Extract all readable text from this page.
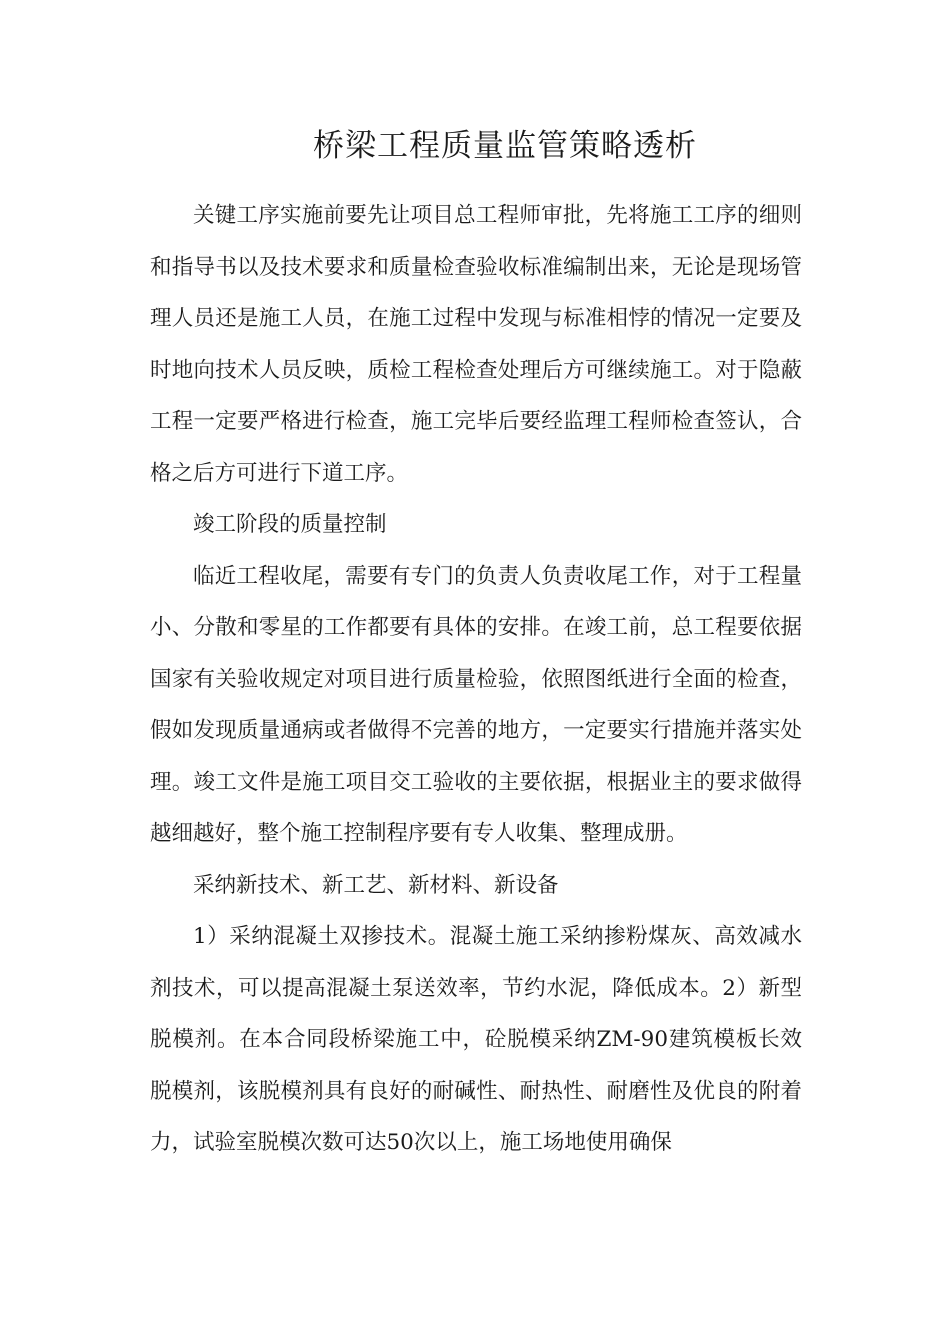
桥梁工程质量监管策略透析

关键工序实施前要先让项目总工程师审批，先将施工工序的细则和指导书以及技术要求和质量检查验收标准编制出来，无论是现场管理人员还是施工人员，在施工过程中发现与标准相悖的情况一定要及时地向技术人员反映，质检工程检查处理后方可继续施工。对于隐蔽工程一定要严格进行检查，施工完毕后要经监理工程师检查签认，合格之后方可进行下道工序。

竣工阶段的质量控制

临近工程收尾，需要有专门的负责人负责收尾工作，对于工程量小、分散和零星的工作都要有具体的安排。在竣工前，总工程要依据国家有关验收规定对项目进行质量检验，依照图纸进行全面的检查，假如发现质量通病或者做得不完善的地方，一定要实行措施并落实处理。竣工文件是施工项目交工验收的主要依据，根据业主的要求做得越细越好，整个施工控制程序要有专人收集、整理成册。

采纳新技术、新工艺、新材料、新设备

1）采纳混凝土双掺技术。混凝土施工采纳掺粉煤灰、高效减水剂技术，可以提高混凝土泵送效率，节约水泥，降低成本。2）新型脱模剂。在本合同段桥梁施工中，砼脱模采纳ZM-90建筑模板长效脱模剂，该脱模剂具有良好的耐碱性、耐热性、耐磨性及优良的附着力，试验室脱模次数可达50次以上，施工场地使用确保
